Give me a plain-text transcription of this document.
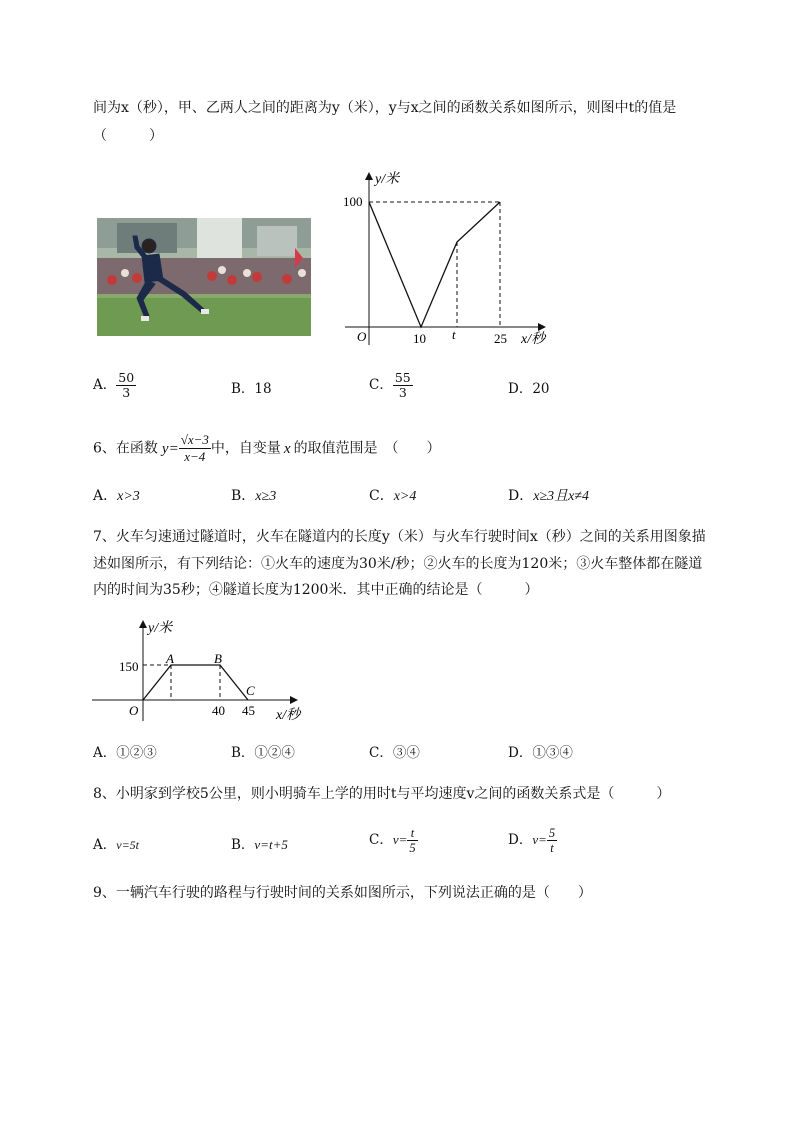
间为x（秒），甲、乙两人之间的距离为y（米），y与x之间的函数关系如图所示，则图中t的值是
（　　　）
O
y/米
x/秒
100
10 t	25
A． $\frac{50}{3}$	B．18	C． $\frac{55}{3}$	D．20
6、在函数 $y= \frac{√x-3}{x-4}$ 中，自变量 x 的取值范围是　（　　）
A．x>3	B．x≥3	C．x>4	D．x≥3且x≠4
7、火车匀速通过隧道时，火车在隧道内的长度y（米）与火车行驶时间x（秒）之间的关系用图象描
述如图所示，有下列结论：①火车的速度为30米/秒；②火车的长度为120米；③火车整体都在隧道
内的时间为35秒；④隧道长度为1200米．其中正确的结论是（　　　）
y/米
150
O
A	B
C
40 45 x/秒
A．①②③	B．①②④	C．③④	D．①③④
8、小明家到学校5公里，则小明骑车上学的用时t与平均速度v之间的函数关系式是（　　　）
A．v=5t	B．v=t+5	C．$v= \frac{t}{5}$	D．$v= \frac{5}{t}$
9、一辆汽车行驶的路程与行驶时间的关系如图所示，下列说法正确的是（　　）
